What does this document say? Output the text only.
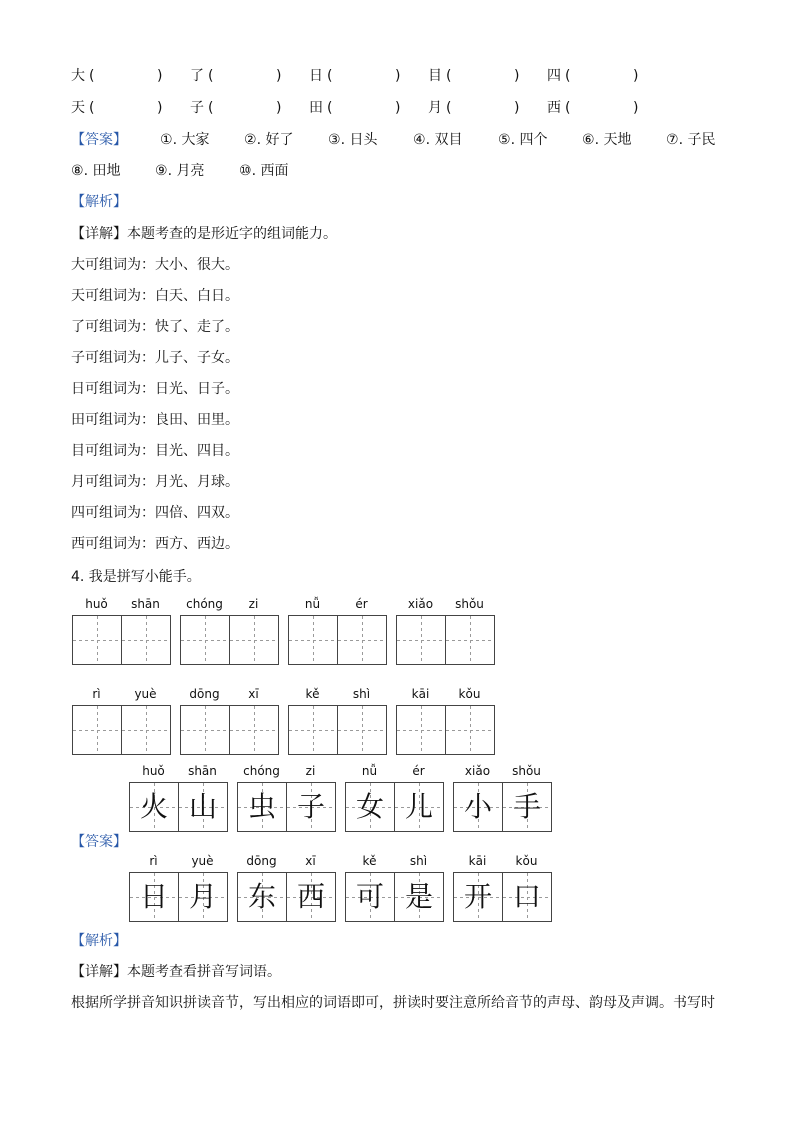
大 (	) 了 (	) 日 (	) 目 (	) 四 (	)
天 (	) 子 (	) 田 (	) 月 (	) 西 (	)
【答案】 ①. 大家 ②. 好了 ③. 日头	④. 双目	⑤. 四个 ⑥. 天地 ⑦. 子民
⑧. 田地 ⑨. 月亮 ⑩. 西面
【解析】
【详解】本题考查的是形近字的组词能力。
大可组词为：大小、很大。
天可组词为：白天、白日。
了可组词为：快了、走了。
子可组词为：儿子、子女。
日可组词为：日光、日子。
田可组词为：良田、田里。
目可组词为：目光、四目。
月可组词为：月光、月球。
四可组词为：四倍、四双。
西可组词为：西方、西边。
4. 我是拼写小能手。
huǒ	shān	chóng	zi	nǚ	ér	xiǎo	shǒu
rì	yuè	dōng	xī	kě	shì	kāi	kǒu
【答案】
huǒ	shān
火 山
chóng	zi
虫 子
nǚ	ér
女 儿
xiǎo	shǒu
小 手
rì	yuè
日 月
dōng	xī
东 西
kě	shì
可 是
kāi	kǒu
开 口
【解析】
【详解】本题考查看拼音写词语。
根据所学拼音知识拼读音节，写出相应的词语即可，拼读时要注意所给音节的声母、韵母及声调。书写时
